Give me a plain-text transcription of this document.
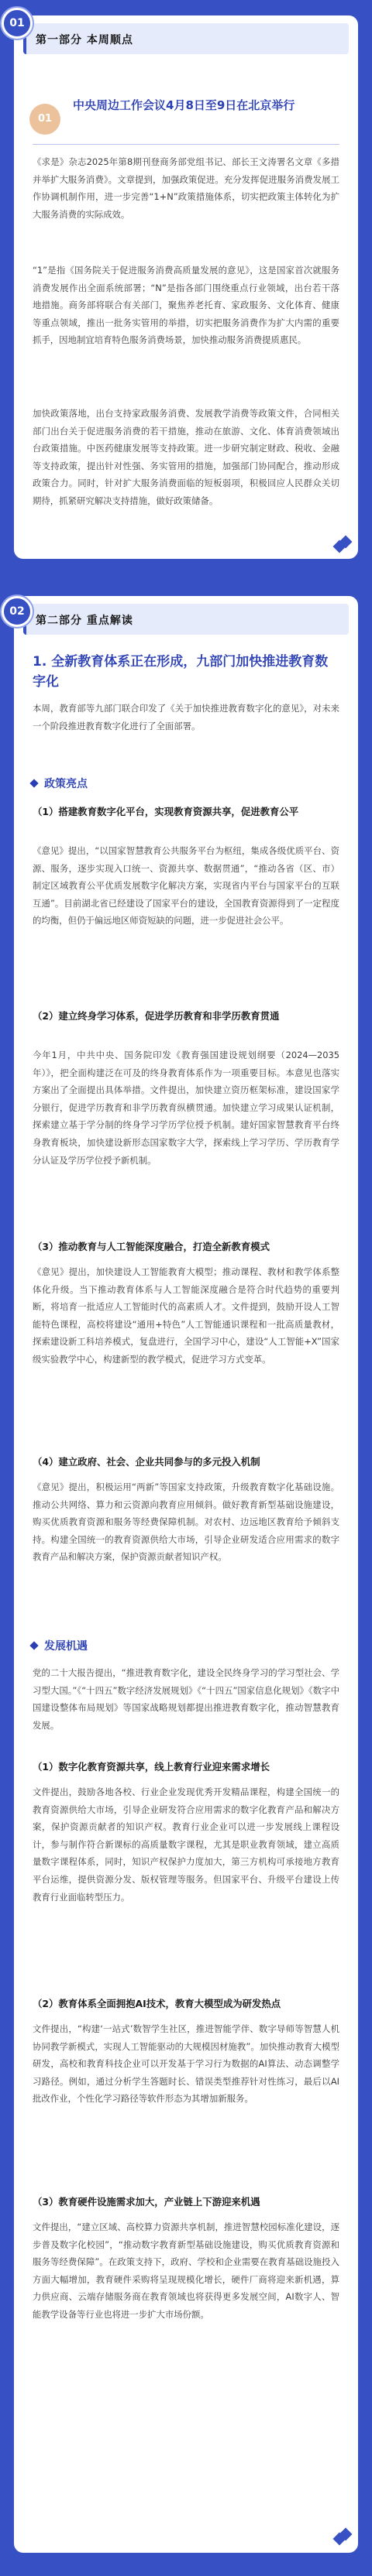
第一部分 本周顺点
01
中央周边工作会议4月8日至9日在北京举行
《求是》杂志2025年第8期刊登商务部党组书记、部长王文涛署名文章《多措并举扩大服务消费》。文章提到，加强政策促进。充分发挥促进服务消费发展工作协调机制作用，进一步完善“1+N”政策措施体系，切实把政策主体转化为扩大服务消费的实际成效。
“1”是指《国务院关于促进服务消费高质量发展的意见》，这是国家首次就服务消费发展作出全面系统部署；“N”是指各部门围绕重点行业领域，出台若干落地措施。商务部将联合有关部门，聚焦养老托育、家政服务、文化体育、健康等重点领域，推出一批务实管用的举措，切实把服务消费作为扩大内需的重要抓手，因地制宜培育特色服务消费场景，加快推动服务消费提质惠民。
加快政策落地，出台支持家政服务消费、发展教学消费等政策文件，合同相关部门出台关于促进服务消费的若干措施，推动在旅游、文化、体育消费领域出台政策措施。中医药健康发展等支持政策。进一步研究制定财政、税收、金融等支持政策，提出针对性强、务实管用的措施，加强部门协同配合，推动形成政策合力。同时，针对扩大服务消费面临的短板弱项，积极回应人民群众关切期待，抓紧研究解决支持措施，做好政策储备。
01
第二部分 重点解读
1. 全新教育体系正在形成，九部门加快推进教育数字化
本周，教育部等九部门联合印发了《关于加快推进教育数字化的意见》，对未来一个阶段推进教育数字化进行了全面部署。
政策亮点
（1）搭建教育数字化平台，实现教育资源共享，促进教育公平
《意见》提出，“以国家智慧教育公共服务平台为枢纽，集成各级优质平台、资源、服务，逐步实现入口统一、资源共享、数据贯通”，“推动各省（区、市）制定区域教育公平优质发展数字化解决方案，实现省内平台与国家平台的互联互通”。目前湖北省已经建设了国家平台的建设，全国教育资源得到了一定程度的均衡，但仍于偏远地区师资短缺的问题，进一步促进社会公平。
（2）建立终身学习体系，促进学历教育和非学历教育贯通
今年1月，中共中央、国务院印发《教育强国建设规划纲要（2024—2035年）》，把全面构建泛在可及的终身教育体系作为一项重要目标。本意见也落实方案出了全面提出具体举措。文件提出，加快建立资历框架标准，建设国家学分银行，促进学历教育和非学历教育纵横贯通。加快建立学习成果认证机制，探索建立基于学分制的终身学习学历学位授予机制。建好国家智慧教育平台终身教育板块，加快建设新形态国家数字大学，探索线上学习学历、学历教育学分认证及学历学位授予新机制。
（3）推动教育与人工智能深度融合，打造全新教育模式
《意见》提出，加快建设人工智能教育大模型；推动课程、教材和教学体系整体化升级。当下推动教育体系与人工智能深度融合是符合时代趋势的重要判断，将培育一批适应人工智能时代的高素质人才。文件提到，鼓励开设人工智能特色课程，高校将建设“通用+特色”人工智能通识课程和一批高质量教材，探索建设新工科培养模式，复盘进行，全国学习中心，建设“人工智能+X”国家级实验教学中心，构建新型的教学模式，促进学习方式变革。
（4）建立政府、社会、企业共同参与的多元投入机制
《意见》提出，积极运用“两新”等国家支持政策，升级教育数字化基础设施。推动公共网络、算力和云资源向教育应用倾斜。做好教育新型基础设施建设，购买优质教育资源和服务等经费保障机制。对农村、边远地区教育给予倾斜支持。构建全国统一的教育资源供给大市场，引导企业研发适合应用需求的数字教育产品和解决方案，保护资源贡献者知识产权。
发展机遇
党的二十大报告提出，“推进教育数字化，建设全民终身学习的学习型社会、学习型大国。”《“十四五”数字经济发展规划》《“十四五”国家信息化规划》《数字中国建设整体布局规划》等国家战略规划都提出推进教育数字化，推动智慧教育发展。
（1）数字化教育资源共享，线上教育行业迎来需求增长
文件提出，鼓励各地各校、行业企业发现优秀开发精品课程，构建全国统一的教育资源供给大市场，引导企业研发符合应用需求的数字化教育产品和解决方案，保护资源贡献者的知识产权。教育行业企业可以进一步发展线上课程设计，参与制作符合新课标的高质量数字课程，尤其是职业教育领域，建立高质量数字课程体系，同时，知识产权保护力度加大，第三方机构可承接地方教育平台运维，提供资源分发、版权管理等服务。但国家平台、升级平台建设上传教育行业面临转型压力。
（2）教育体系全面拥抱AI技术，教育大模型成为研发热点
文件提出，“构建‘一站式’数智学生社区，推进智能学伴、数字导师等智慧人机协同教学新模式，实现人工智能驱动的大规模因材施教”。加快推动教育大模型研发，高校和教育科技企业可以开发基于学习行为数据的AI算法、动态调整学习路径。例如，通过分析学生答题时长、错误类型推荐针对性练习，最后以AI批改作业，个性化学习路径等软件形态为其增加新服务。
（3）教育硬件设施需求加大，产业链上下游迎来机遇
文件提出，“建立区域、高校算力资源共享机制，推进智慧校园标准化建设，逐步普及数字化校园”，“推动数字教育新型基础设施建设，购买优质教育资源和服务等经费保障”。在政策支持下，政府、学校和企业需要在教育基础设施投入方面大幅增加，教育硬件采购将呈现规模化增长，硬件厂商将迎来新机遇，算力供应商、云端存储服务商在教育领域也将获得更多发展空间，AI数字人、智能教学设备等行业也将进一步扩大市场份额。
02
